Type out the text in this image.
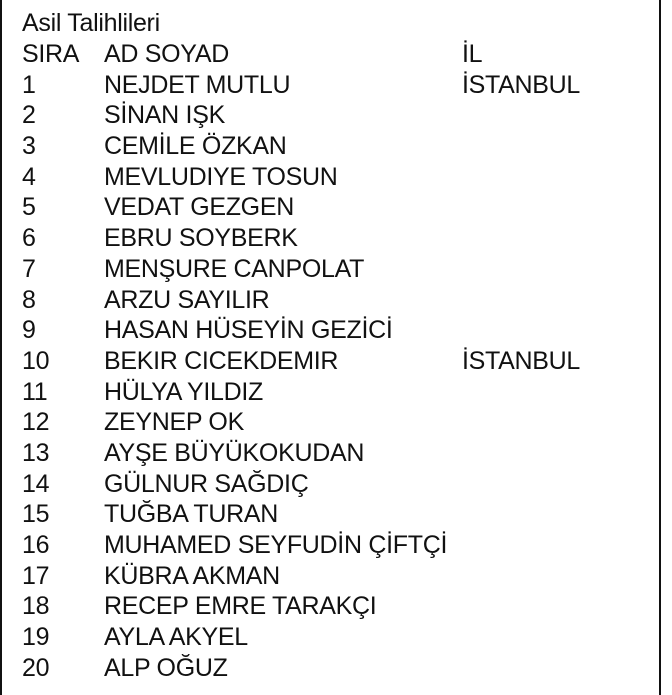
Asil Talihlileri
SIRA AD SOYAD	İL
1	NEJDET MUTLU	İSTANBUL
2	SİNAN IŞK
3	CEMİLE ÖZKAN
4	MEVLUDIYE TOSUN
5	VEDAT GEZGEN
6	EBRU SOYBERK
7	MENŞURE CANPOLAT
8	ARZU SAYILIR
9	HASAN HÜSEYİN GEZİCİ
10 BEKIR CICEKDEMIR	İSTANBUL
11 HÜLYA YILDIZ
12 ZEYNEP OK
13 AYŞE BÜYÜKOKUDAN
14 GÜLNUR SAĞDIÇ
15 TUĞBA TURAN
16 MUHAMED SEYFUDİN ÇİFTÇİ
17 KÜBRA AKMAN
18 RECEP EMRE TARAKÇI
19 AYLA AKYEL
20 ALP OĞUZ
